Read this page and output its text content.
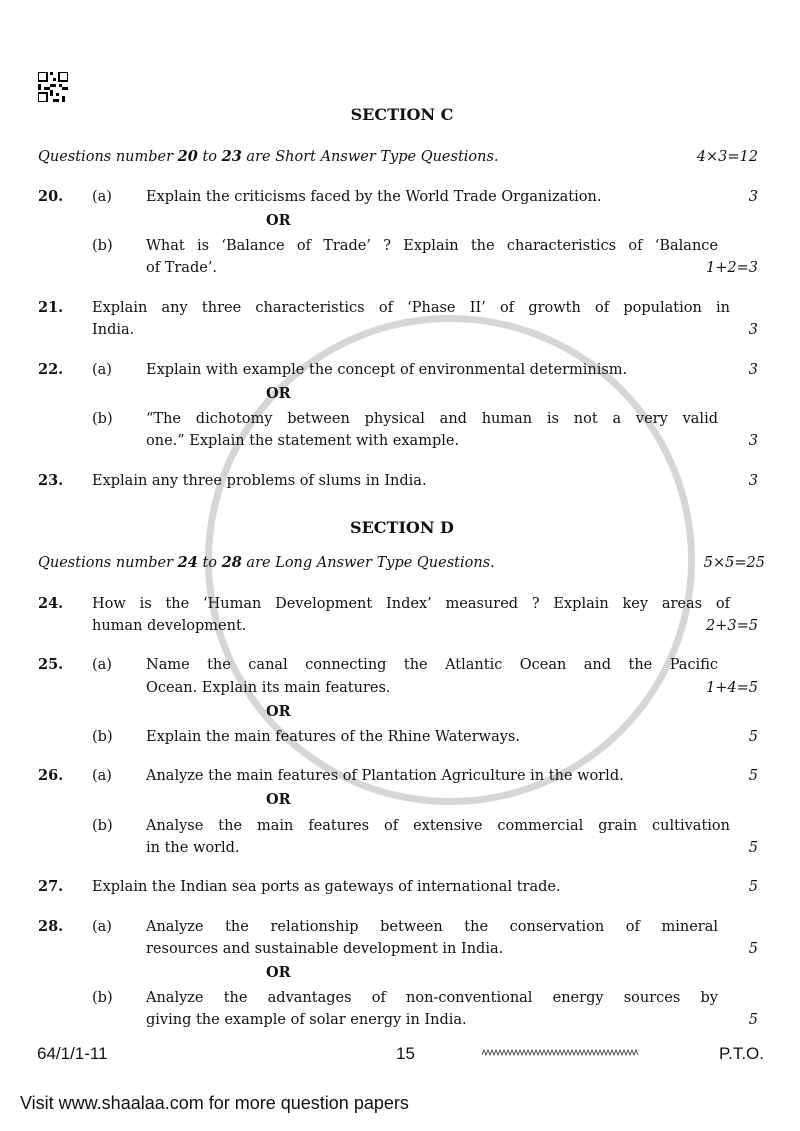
SECTION C
Questions number 20 to 23 are Short Answer Type Questions.	4×3=12
20. (a) Explain the criticisms faced by the World Trade Organization.	3
OR
(b) What is ‘Balance of Trade’ ? Explain the characteristics of ‘Balance
of Trade’.	1+2=3
21. Explain any three characteristics of ‘Phase II’ of growth of population in
India.	3
22. (a) Explain with example the concept of environmental determinism.	3
OR
(b) “The dichotomy between physical and human is not a very valid
one.” Explain the statement with example.	3
23. Explain any three problems of slums in India.	3
SECTION D
Questions number 24 to 28 are Long Answer Type Questions.	5×5=25
24. How is the ‘Human Development Index’ measured ? Explain key areas of
human development.	2+3=5
25. (a) Name the canal connecting the Atlantic Ocean and the Pacific
Ocean. Explain its main features.	1+4=5
OR
(b) Explain the main features of the Rhine Waterways.	5
26. (a) Analyze the main features of Plantation Agriculture in the world.	5
OR
(b) Analyse the main features of extensive commercial grain cultivation
in the world.	5
27. Explain the Indian sea ports as gateways of international trade.	5
28. (a) Analyze the relationship between the conservation of mineral
resources and sustainable development in India.	5
OR
(b) Analyze the advantages of non-conventional energy sources by
giving the example of solar energy in India.	5
64/1/1-11	15	P.T.O.
Visit www.shaalaa.com for more question papers
